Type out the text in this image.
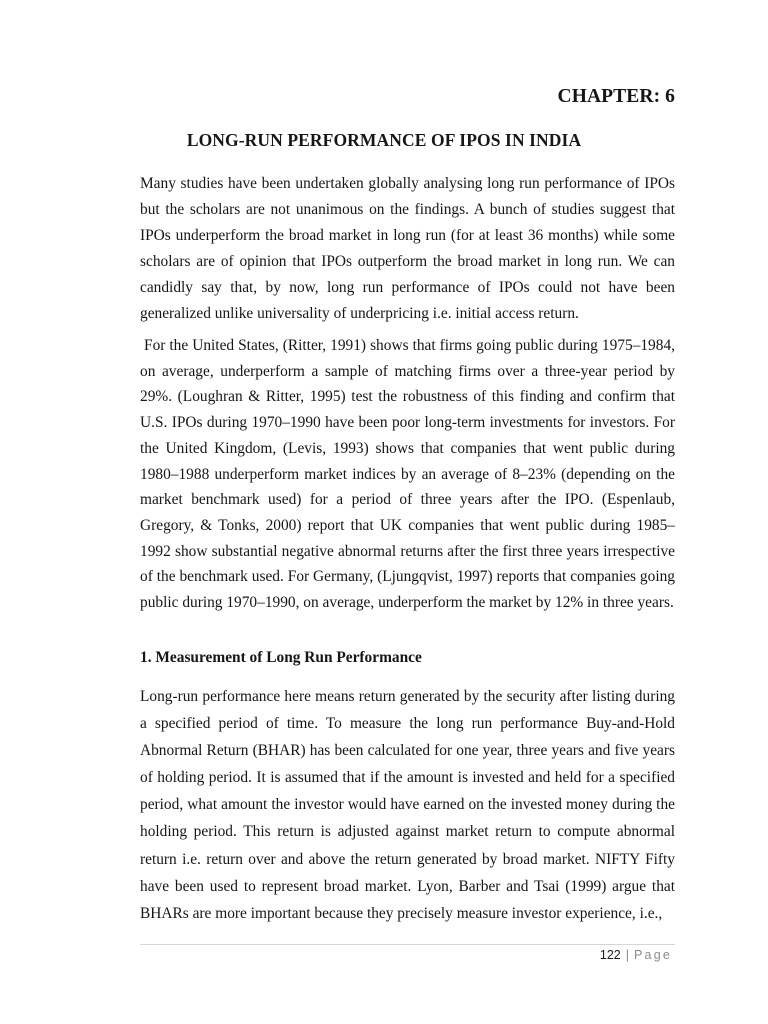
CHAPTER: 6
LONG-RUN PERFORMANCE OF IPOS IN INDIA
Many studies have been undertaken globally analysing long run performance of IPOs but the scholars are not unanimous on the findings. A bunch of studies suggest that IPOs underperform the broad market in long run (for at least 36 months) while some scholars are of opinion that IPOs outperform the broad market in long run. We can candidly say that, by now, long run performance of IPOs could not have been generalized unlike universality of underpricing i.e. initial access return.
For the United States, (Ritter, 1991) shows that firms going public during 1975–1984, on average, underperform a sample of matching firms over a three-year period by 29%. (Loughran & Ritter, 1995) test the robustness of this finding and confirm that U.S. IPOs during 1970–1990 have been poor long-term investments for investors. For the United Kingdom, (Levis, 1993) shows that companies that went public during 1980–1988 underperform market indices by an average of 8–23% (depending on the market benchmark used) for a period of three years after the IPO. (Espenlaub, Gregory, & Tonks, 2000) report that UK companies that went public during 1985–1992 show substantial negative abnormal returns after the first three years irrespective of the benchmark used. For Germany, (Ljungqvist, 1997) reports that companies going public during 1970–1990, on average, underperform the market by 12% in three years.
1. Measurement of Long Run Performance
Long-run performance here means return generated by the security after listing during a specified period of time. To measure the long run performance Buy-and-Hold Abnormal Return (BHAR) has been calculated for one year, three years and five years of holding period. It is assumed that if the amount is invested and held for a specified period, what amount the investor would have earned on the invested money during the holding period. This return is adjusted against market return to compute abnormal return i.e. return over and above the return generated by broad market. NIFTY Fifty have been used to represent broad market. Lyon, Barber and Tsai (1999) argue that BHARs are more important because they precisely measure investor experience, i.e.,
122 | Page
